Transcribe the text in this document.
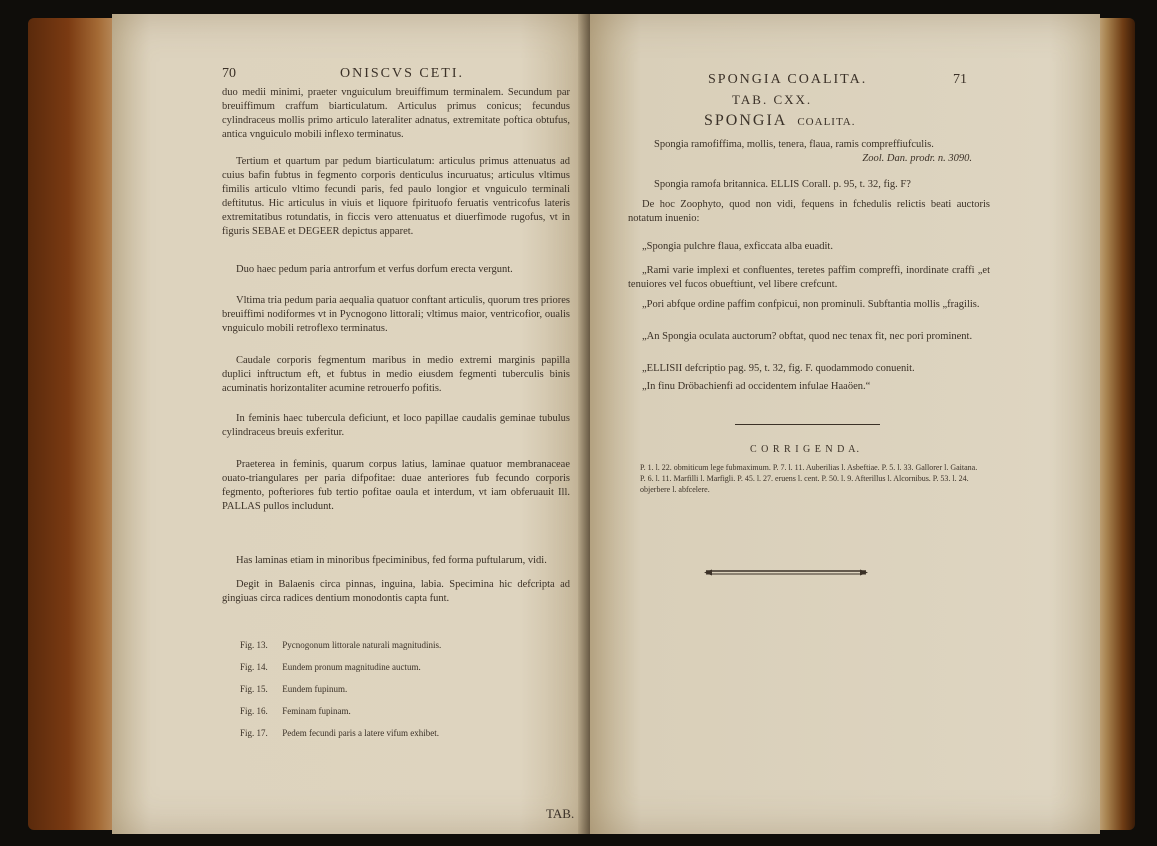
70	ONISCVS CETI.
duo medii minimi, praeter vnguiculum breuiffimum terminalem. Secundum par breuiffimum craffum biarticulatum. Articulus primus conicus; fecundus cylindraceus mollis primo articulo lateraliter adnatus, extremitate poftica obtufus, antica vnguiculo mobili inflexo terminatus.
Tertium et quartum par pedum biarticulatum: articulus primus attenuatus ad cuius bafin fubtus in fegmento corporis denticulus incuruatus; articulus vltimus fimilis articulo vltimo fecundi paris, fed paulo longior et vnguiculo terminali deftitutus. Hic articulus in viuis et liquore fpirituofo feruatis ventricofus lateris extremitatibus rotundatis, in ficcis vero attenuatus et diuerfimode rugofus, vt in figuris SEBAE et DEGEER depictus apparet.
Duo haec pedum paria antrorfum et verfus dorfum erecta vergunt.
Vltima tria pedum paria aequalia quatuor conftant articulis, quorum tres priores breuiffimi nodiformes vt in Pycnogono littorali; vltimus maior, ventricofior, oualis vnguiculo mobili retroflexo terminatus.
Caudale corporis fegmentum maribus in medio extremi marginis papilla duplici inftructum eft, et fubtus in medio eiusdem fegmenti tuberculis binis acuminatis horizontaliter acumine retrouerfo pofitis.
In feminis haec tubercula deficiunt, et loco papillae caudalis geminae tubulus cylindraceus breuis exferitur.
Praeterea in feminis, quarum corpus latius, laminae quatuor membranaceae ouato-triangulares per paria difpofitae: duae anteriores fub fecundo corporis fegmento, pofteriores fub tertio pofitae oaula et interdum, vt iam obferuauit Ill. PALLAS pullos includunt.
Has laminas etiam in minoribus fpeciminibus, fed forma puftularum, vidi.
Degit in Balaenis circa pinnas, inguina, labia. Specimina hic defcripta ad gingiuas circa radices dentium monodontis capta funt.
Fig. 13. Pycnogonum littorale naturali magnitudinis.
Fig. 14. Eundem pronum magnitudine auctum.
Fig. 15. Eundem fupinum.
Fig. 16. Feminam fupinam.
Fig. 17. Pedem fecundi paris a latere vifum exhibet.
TAB.
SPONGIA COALITA.	71
TAB. CXX.
SPONGIA COALITA.
Spongia ramofiffima, mollis, tenera, flaua, ramis compreffiufculis.
Zool. Dan. prodr. n. 3090.
Spongia ramofa britannica. ELLIS Corall. p. 95, t. 32, fig. F?
De hoc Zoophyto, quod non vidi, fequens in fchedulis relictis beati auctoris notatum inuenio:
„Spongia pulchre flaua, exficcata alba euadit.
„Rami varie implexi et confluentes, teretes paffim compreffi, inordinate craffi „et tenuiores vel fucos obueftiunt, vel libere crefcunt.
„Pori abfque ordine paffim confpicui, non prominuli. Subftantia mollis „fragilis.
„An Spongia oculata auctorum? obftat, quod nec tenax fit, nec pori prominent.
„ELLISII defcriptio pag. 95, t. 32, fig. F. quodammodo conuenit.
„In finu Dröbachienfi ad occidentem infulae Haaöen.“
C O R R I G E N D A.
P. 1. l. 22. obmiticum lege fubmaximum. P. 7. l. 11. Auberilias l. Asbeftiae. P. 5. l. 33. Gallorer l. Gaitana. P. 6. l. 11. Marfilli l. Marfigli. P. 45. l. 27. eruens l. cent. P. 50. l. 9. Afterillus l. Alcornibus. P. 53. l. 24. objerbere l. abfcelere.
